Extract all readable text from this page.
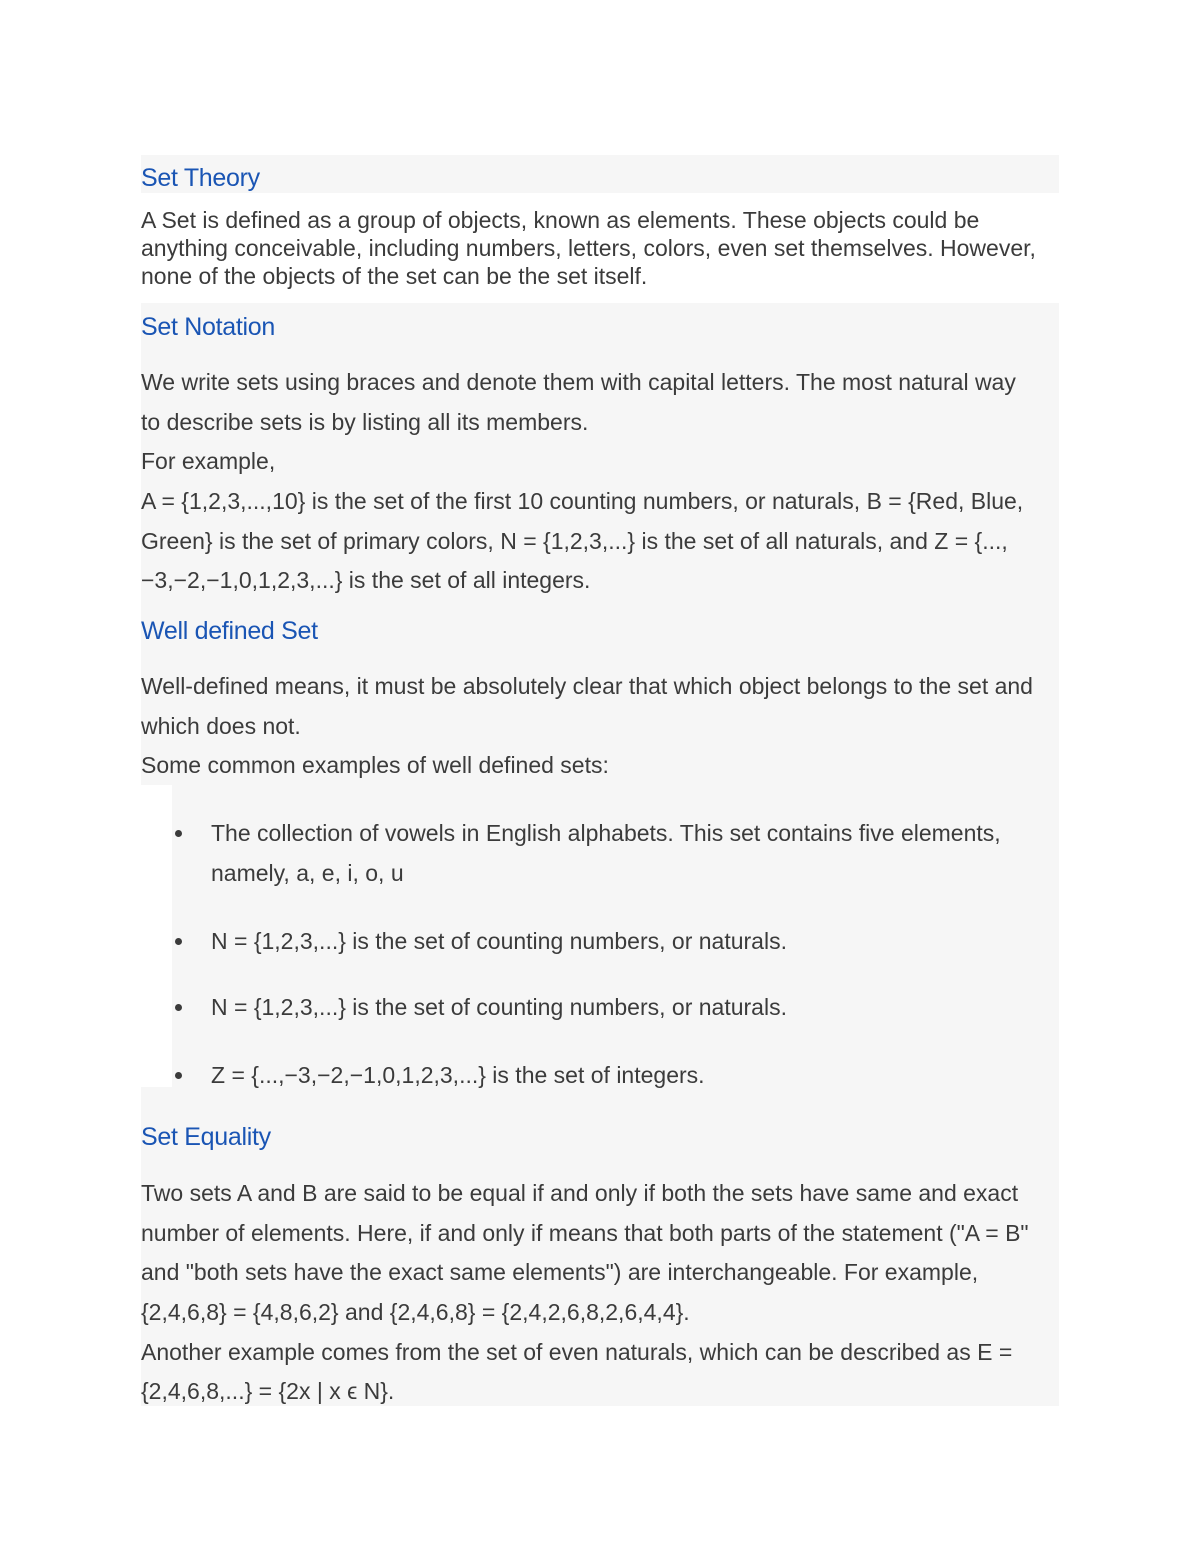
Set Theory

A Set is defined as a group of objects, known as elements. These objects could be

anything conceivable, including numbers, letters, colors, even set themselves. However,

none of the objects of the set can be the set itself.

Set Notation

We write sets using braces and denote them with capital letters. The most natural way

to describe sets is by listing all its members.

For example,

A = {1,2,3,...,10} is the set of the first 10 counting numbers, or naturals, B = {Red, Blue,

Green} is the set of primary colors, N = {1,2,3,...} is the set of all naturals, and Z = {...,

−3,−2,−1,0,1,2,3,...} is the set of all integers.

Well defined Set

Well-defined means, it must be absolutely clear that which object belongs to the set and

which does not.

Some common examples of well defined sets:

The collection of vowels in English alphabets. This set contains five elements,

namely, a, e, i, o, u

N = {1,2,3,...} is the set of counting numbers, or naturals.

N = {1,2,3,...} is the set of counting numbers, or naturals.

Z = {...,−3,−2,−1,0,1,2,3,...} is the set of integers.

Set Equality

Two sets A and B are said to be equal if and only if both the sets have same and exact

number of elements. Here, if and only if means that both parts of the statement ("A = B"

and "both sets have the exact same elements") are interchangeable. For example,

{2,4,6,8} = {4,8,6,2} and {2,4,6,8} = {2,4,2,6,8,2,6,4,4}.

Another example comes from the set of even naturals, which can be described as E =

{2,4,6,8,...} = {2x | x ϵ N}.
